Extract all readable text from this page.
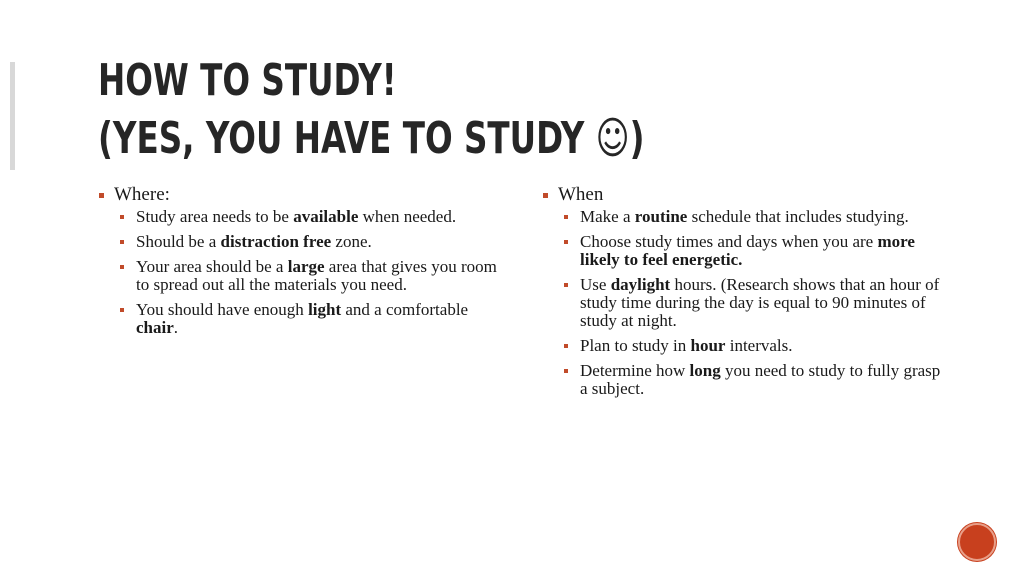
HOW TO STUDY!
(YES, YOU HAVE TO STUDY ☺)
Where:
Study area needs to be available when needed.
Should be a distraction free zone.
Your area should be a large area that gives you room to spread out all the materials you need.
You should have enough light and a comfortable chair.
When
Make a routine schedule that includes studying.
Choose study times and days when you are more likely to feel energetic.
Use daylight hours. (Research shows that an hour of study time during the day is equal to 90 minutes of study at night.
Plan to study in hour intervals.
Determine how long you need to study to fully grasp a subject.
